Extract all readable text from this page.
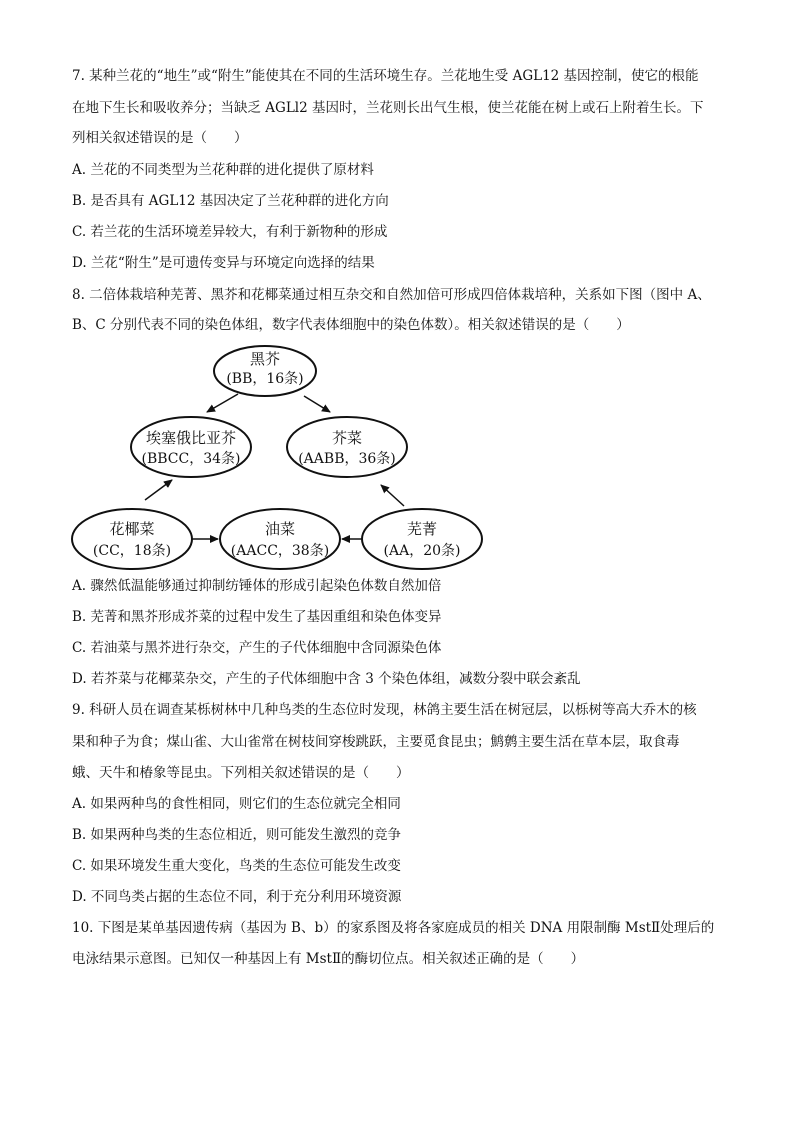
7. 某种兰花的“地生”或“附生”能使其在不同的生活环境生存。兰花地生受 AGL12 基因控制，使它的根能
在地下生长和吸收养分；当缺乏 AGLl2 基因时，兰花则长出气生根，使兰花能在树上或石上附着生长。下
列相关叙述错误的是（　　）
A. 兰花的不同类型为兰花种群的进化提供了原材料
B. 是否具有 AGL12 基因决定了兰花种群的进化方向
C. 若兰花的生活环境差异较大，有利于新物种的形成
D. 兰花“附生”是可遗传变异与环境定向选择的结果
8. 二倍体栽培种芜菁、黑芥和花椰菜通过相互杂交和自然加倍可形成四倍体栽培种，关系如下图（图中 A、
B、C 分别代表不同的染色体组，数字代表体细胞中的染色体数）。相关叙述错误的是（　　）
黑芥
(BB，16条)
埃塞俄比亚芥
(BBCC，34条)
芥菜
(AABB，36条)
花椰菜
(CC，18条)
油菜
(AACC，38条)
芜菁
(AA，20条)
A. 骤然低温能够通过抑制纺锤体的形成引起染色体数自然加倍
B. 芜菁和黑芥形成芥菜的过程中发生了基因重组和染色体变异
C. 若油菜与黑芥进行杂交，产生的子代体细胞中含同源染色体
D. 若芥菜与花椰菜杂交，产生的子代体细胞中含 3 个染色体组，减数分裂中联会紊乱
9. 科研人员在调查某栎树林中几种鸟类的生态位时发现，林鸽主要生活在树冠层，以栎树等高大乔木的核
果和种子为食；煤山雀、大山雀常在树枝间穿梭跳跃，主要觅食昆虫；鹪鹩主要生活在草本层，取食毒
蛾、天牛和椿象等昆虫。下列相关叙述错误的是（　　）
A. 如果两种鸟的食性相同，则它们的生态位就完全相同
B. 如果两种鸟类的生态位相近，则可能发生激烈的竞争
C. 如果环境发生重大变化，鸟类的生态位可能发生改变
D. 不同鸟类占据的生态位不同，利于充分利用环境资源
10. 下图是某单基因遗传病（基因为 B、b）的家系图及将各家庭成员的相关 DNA 用限制酶 MstⅡ处理后的
电泳结果示意图。已知仅一种基因上有 MstⅡ的酶切位点。相关叙述正确的是（　　）
